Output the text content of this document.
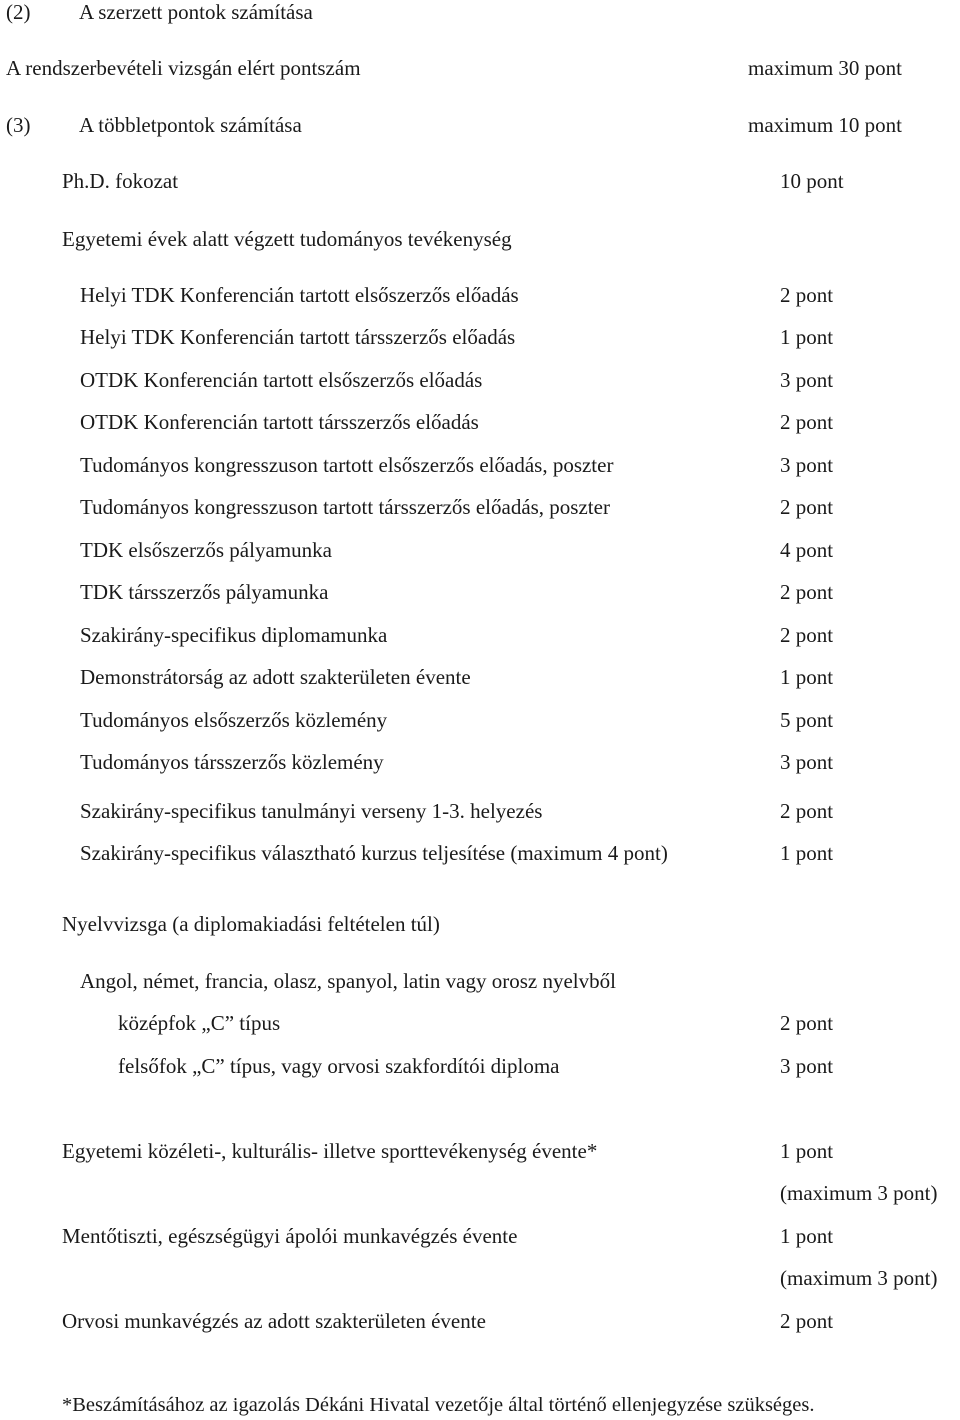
(2) A szerzett pontok számítása
A rendszerbevételi vizsgán elért pontszám	maximum 30 pont
(3) A többletpontok számítása	maximum 10 pont
Ph.D. fokozat	10 pont
Egyetemi évek alatt végzett tudományos tevékenység
Helyi TDK Konferencián tartott elsőszerzős előadás	2 pont
Helyi TDK Konferencián tartott társszerzős előadás	1 pont
OTDK Konferencián tartott elsőszerzős előadás	3 pont
OTDK Konferencián tartott társszerzős előadás	2 pont
Tudományos kongresszuson tartott elsőszerzős előadás, poszter	3 pont
Tudományos kongresszuson tartott társszerzős előadás, poszter	2 pont
TDK elsőszerzős pályamunka	4 pont
TDK társszerzős pályamunka	2 pont
Szakirány-specifikus diplomamunka	2 pont
Demonstrátorság az adott szakterületen évente	1 pont
Tudományos elsőszerzős közlemény	5 pont
Tudományos társszerzős közlemény	3 pont
Szakirány-specifikus tanulmányi verseny 1-3. helyezés	2 pont
Szakirány-specifikus választható kurzus teljesítése (maximum 4 pont)	1 pont
Nyelvvizsga (a diplomakiadási feltételen túl)
Angol, német, francia, olasz, spanyol, latin vagy orosz nyelvből
középfok „C” típus	2 pont
felsőfok „C” típus, vagy orvosi szakfordítói diploma	3 pont
Egyetemi közéleti-, kulturális- illetve sporttevékenység évente*	1 pont
(maximum 3 pont)
Mentőtiszti, egészségügyi ápolói munkavégzés évente	1 pont
(maximum 3 pont)
Orvosi munkavégzés az adott szakterületen évente	2 pont
*Beszámításához az igazolás Dékáni Hivatal vezetője által történő ellenjegyzése szükséges.
